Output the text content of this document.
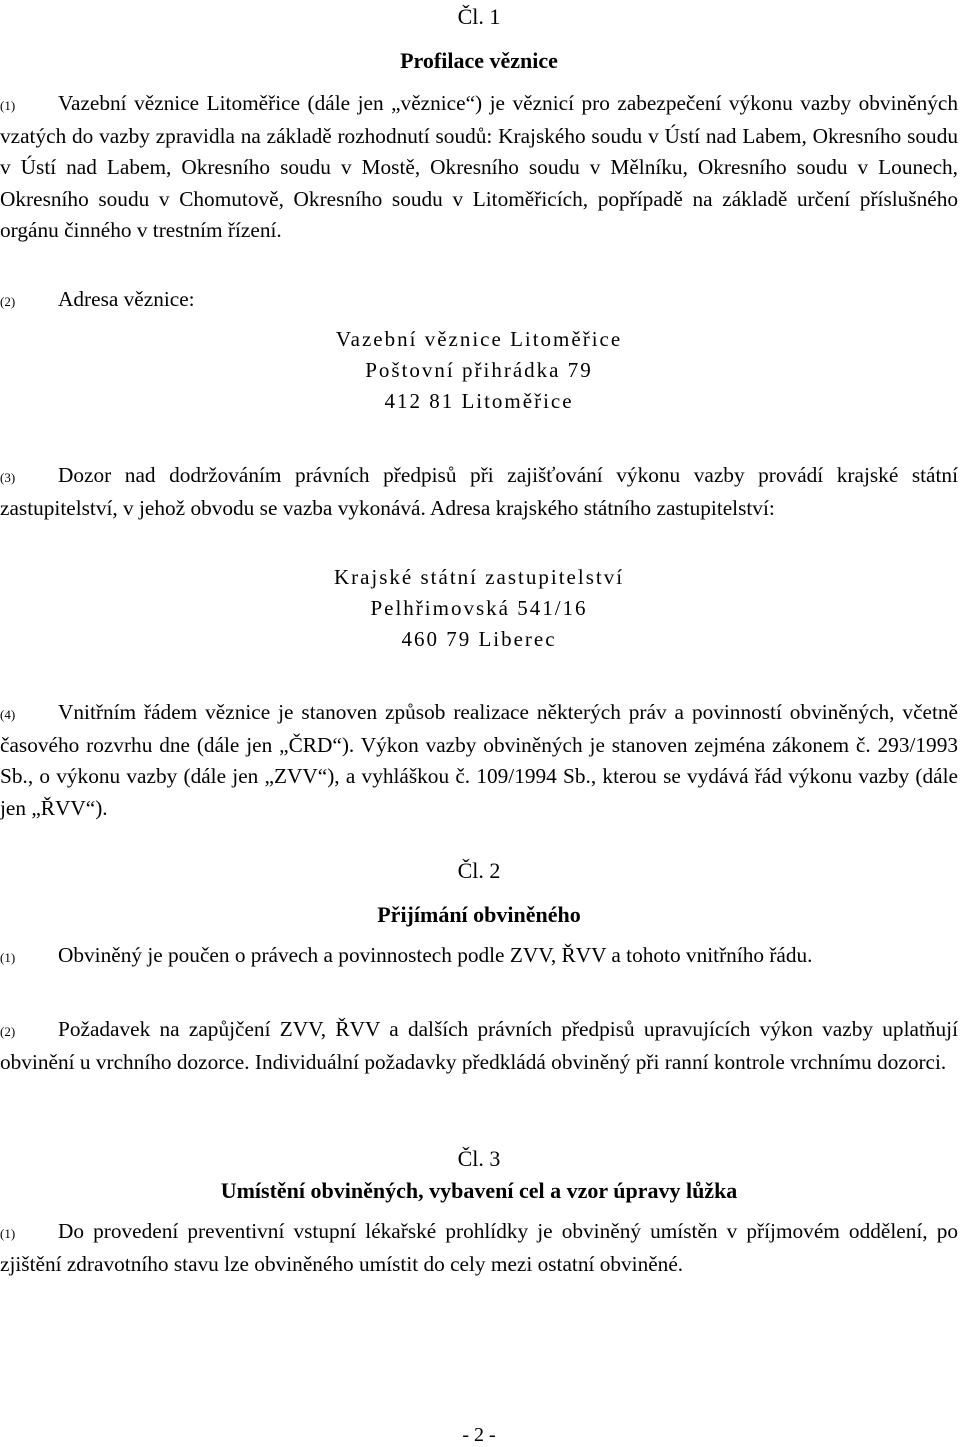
Čl. 1
Profilace věznice
(1) Vazební věznice Litoměřice (dále jen „věznice“) je věznicí pro zabezpečení výkonu vazby obviněných vzatých do vazby zpravidla na základě rozhodnutí soudů: Krajského soudu v Ústí nad Labem, Okresního soudu v Ústí nad Labem, Okresního soudu v Mostě, Okresního soudu v Mělníku, Okresního soudu v Lounech, Okresního soudu v Chomutově, Okresního soudu v Litoměřicích, popřípadě na základě určení příslušného orgánu činného v trestním řízení.
(2) Adresa věznice:
Vazební věznice Litoměřice
Poštovní přihrádka 79
412 81 Litoměřice
(3) Dozor nad dodržováním právních předpisů při zajišťování výkonu vazby provádí krajské státní zastupitelství, v jehož obvodu se vazba vykonává. Adresa krajského státního zastupitelství:
Krajské státní zastupitelství
Pelhřimovská 541/16
460 79 Liberec
(4) Vnitřním řádem věznice je stanoven způsob realizace některých práv a povinností obviněných, včetně časového rozvrhu dne (dále jen „ČRD“). Výkon vazby obviněných je stanoven zejména zákonem č. 293/1993 Sb., o výkonu vazby (dále jen „ZVV“), a vyhláškou č. 109/1994 Sb., kterou se vydává řád výkonu vazby (dále jen „ŘVV“).
Čl. 2
Přijímání obviněného
(1) Obviněný je poučen o právech a povinnostech podle ZVV, ŘVV a tohoto vnitřního řádu.
(2) Požadavek na zapůjčení ZVV, ŘVV a dalších právních předpisů upravujících výkon vazby uplatňují obvinění u vrchního dozorce. Individuální požadavky předkládá obviněný při ranní kontrole vrchnímu dozorci.
Čl. 3
Umístění obviněných, vybavení cel a vzor úpravy lůžka
(1) Do provedení preventivní vstupní lékařské prohlídky je obviněný umístěn v příjmovém oddělení, po zjištění zdravotního stavu lze obviněného umístit do cely mezi ostatní obviněné.
- 2 -
